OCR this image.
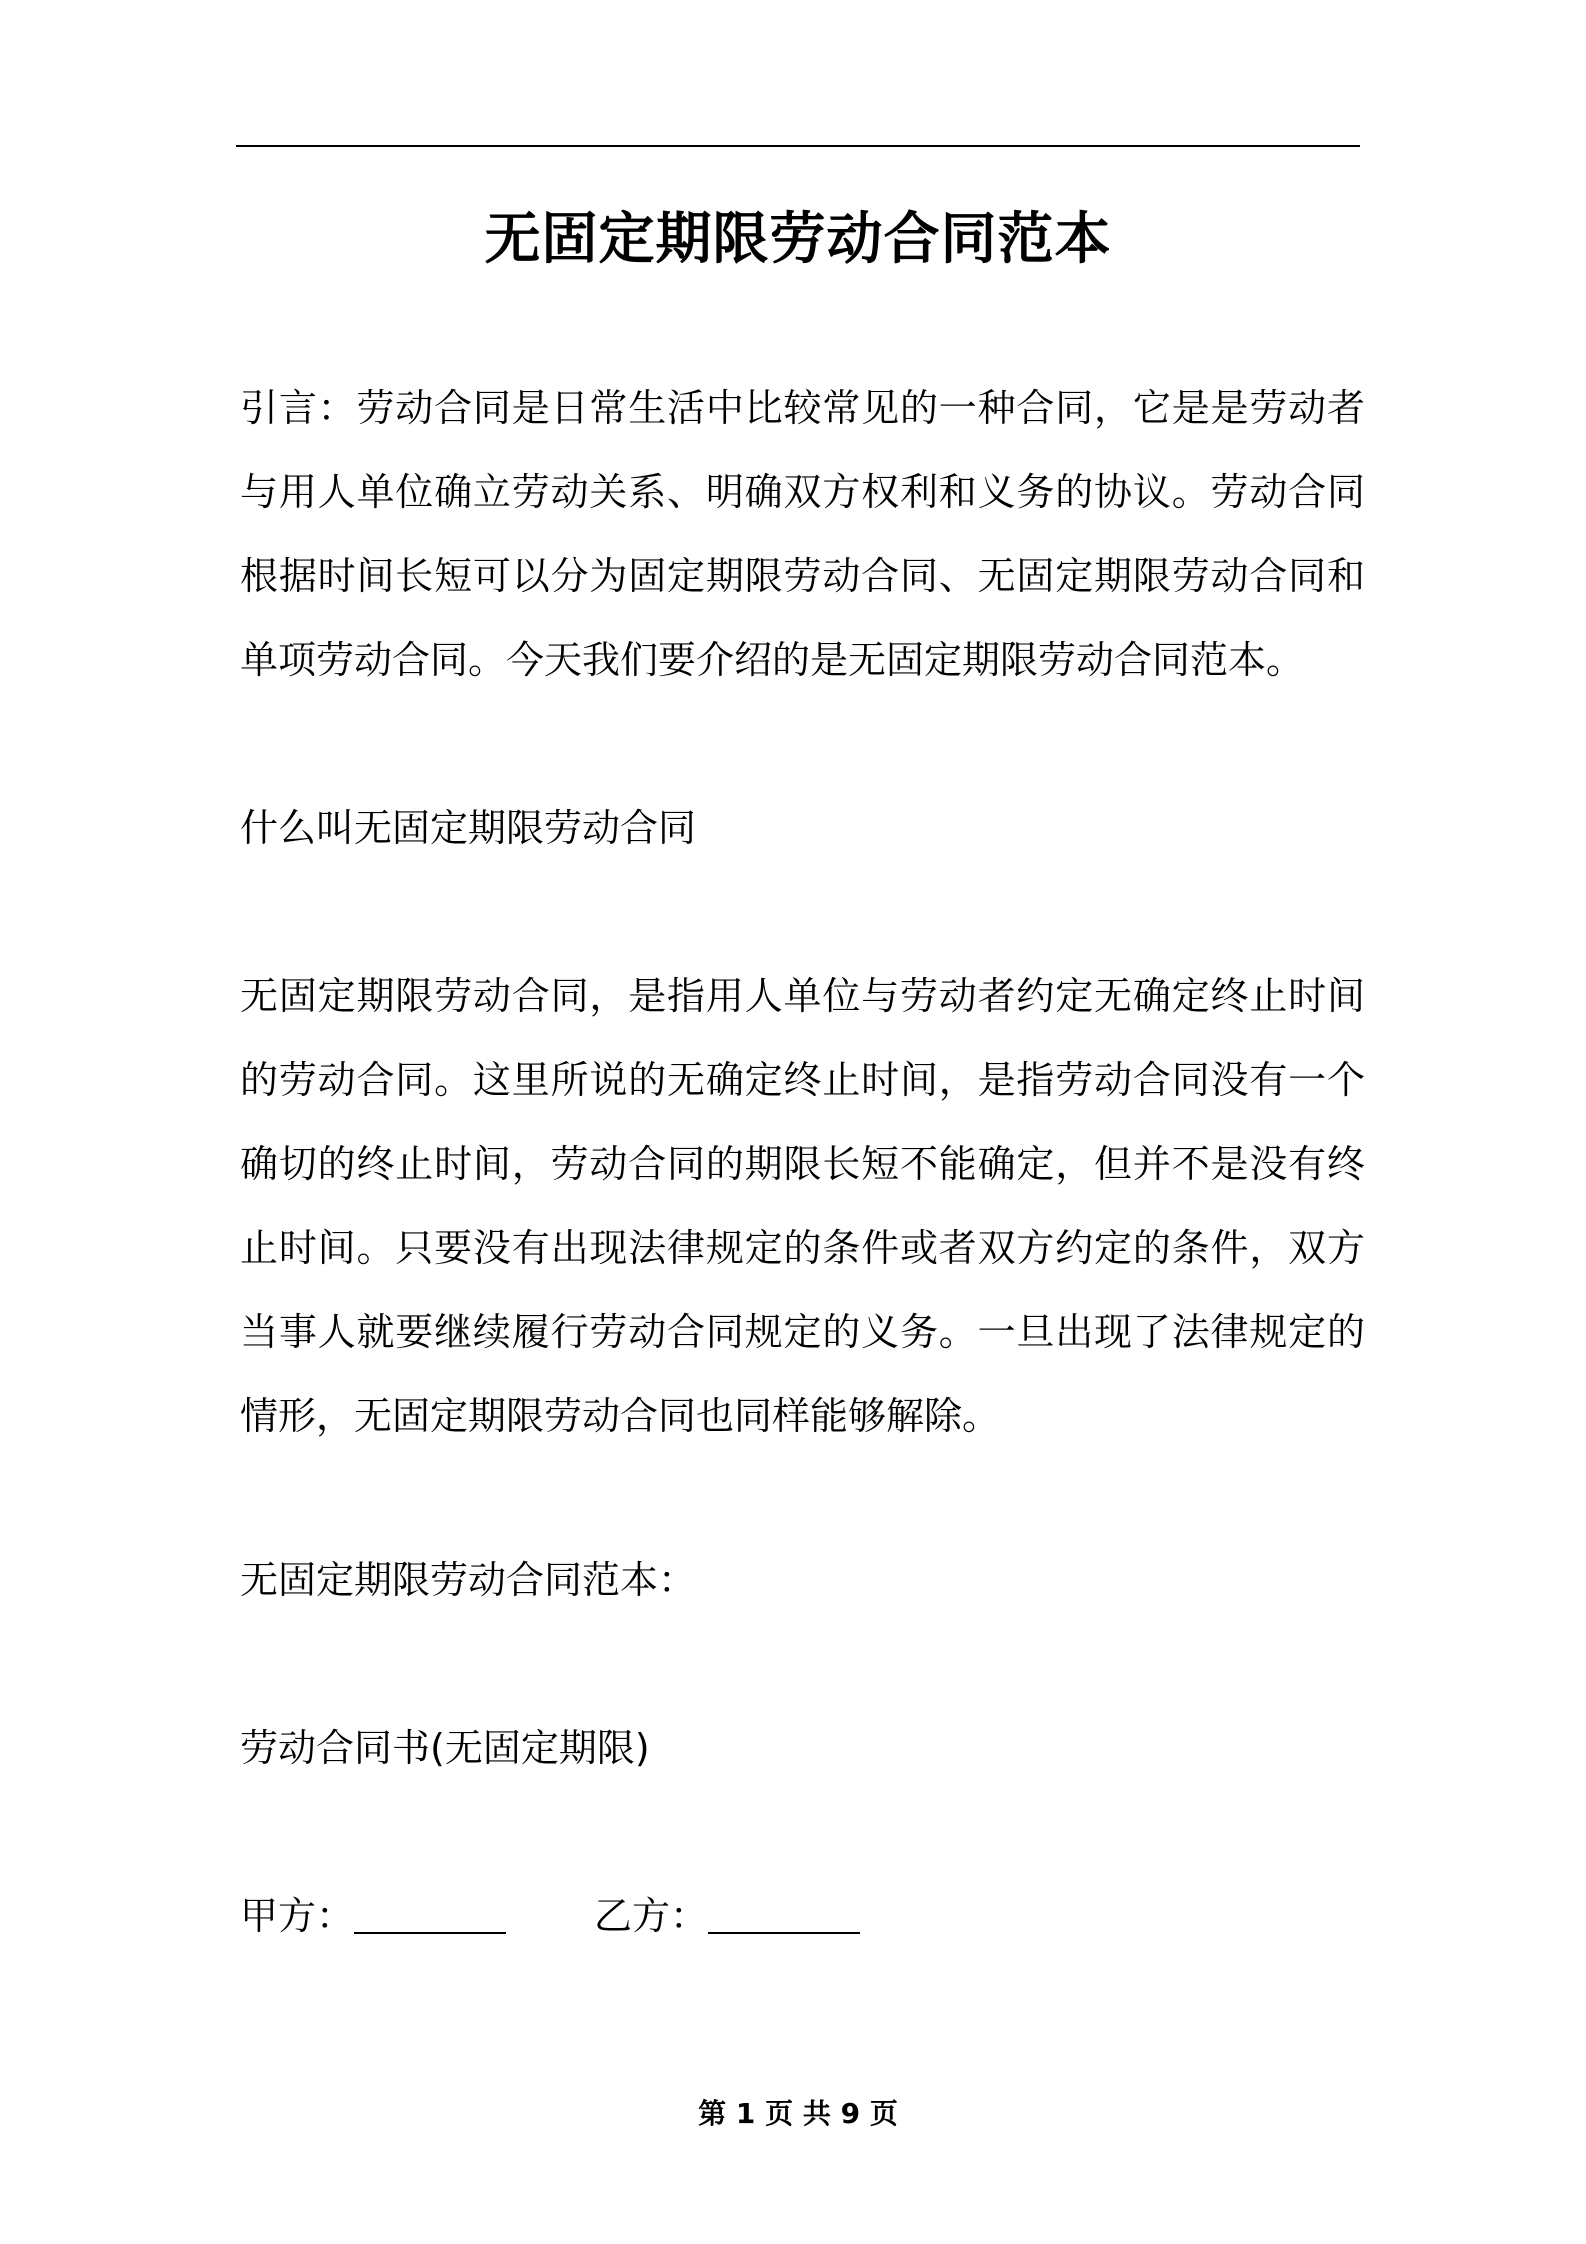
无固定期限劳动合同范本
引言：劳动合同是日常生活中比较常见的一种合同，它是是劳动者与用人单位确立劳动关系、明确双方权利和义务的协议。劳动合同根据时间长短可以分为固定期限劳动合同、无固定期限劳动合同和单项劳动合同。今天我们要介绍的是无固定期限劳动合同范本。
什么叫无固定期限劳动合同
无固定期限劳动合同，是指用人单位与劳动者约定无确定终止时间的劳动合同。这里所说的无确定终止时间，是指劳动合同没有一个确切的终止时间，劳动合同的期限长短不能确定，但并不是没有终止时间。只要没有出现法律规定的条件或者双方约定的条件，双方当事人就要继续履行劳动合同规定的义务。一旦出现了法律规定的情形，无固定期限劳动合同也同样能够解除。
无固定期限劳动合同范本：
劳动合同书(无固定期限)
甲方：	乙方：
第 1 页 共 9 页
